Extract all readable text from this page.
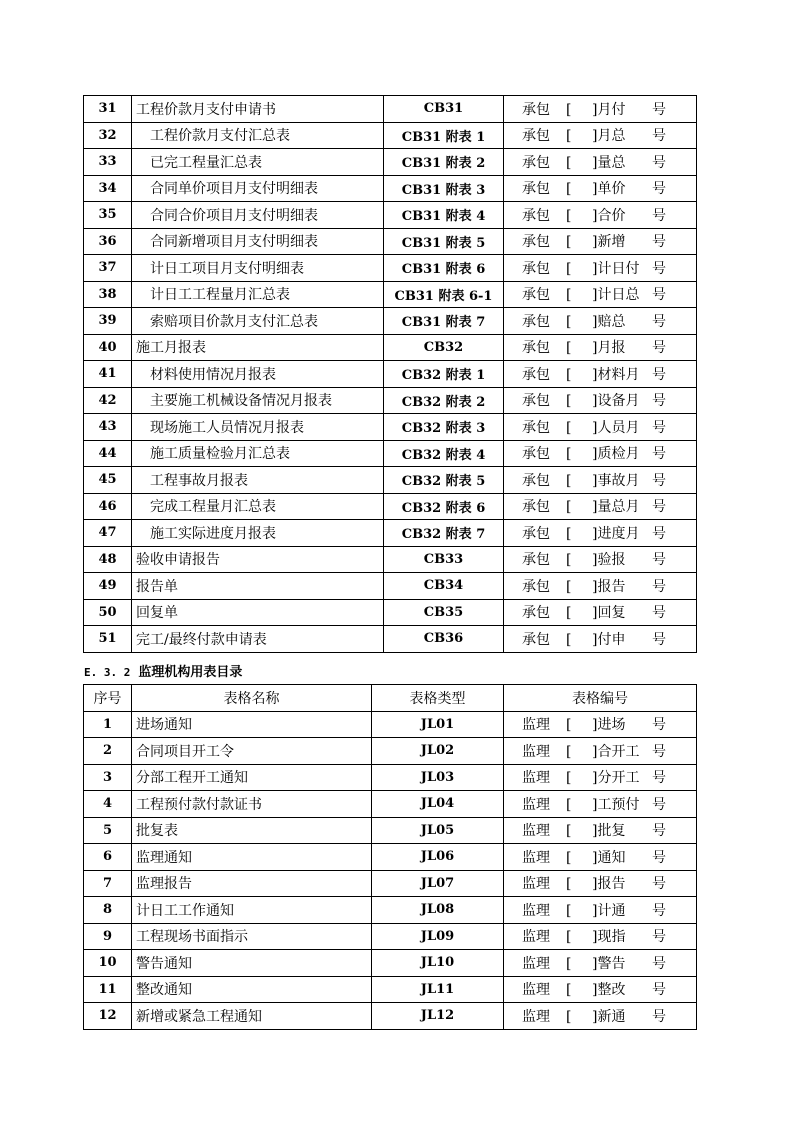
31	工程价款月支付申请书	CB31	承包 [ ]月付 号
32	工程价款月支付汇总表	CB31 附表 1	承包 [ ]月总 号
33	已完工程量汇总表	CB31 附表 2	承包 [ ]量总 号
34	合同单价项目月支付明细表	CB31 附表 3	承包 [ ]单价 号
35	合同合价项目月支付明细表	CB31 附表 4	承包 [ ]合价 号
36	合同新增项目月支付明细表	CB31 附表 5	承包 [ ]新增 号
37	计日工项目月支付明细表	CB31 附表 6	承包 [ ]计日付 号
38	计日工工程量月汇总表	CB31 附表 6-1	承包 [ ]计日总 号
39	索赔项目价款月支付汇总表	CB31 附表 7	承包 [ ]赔总 号
40	施工月报表	CB32	承包 [ ]月报 号
41	材料使用情况月报表	CB32 附表 1	承包 [ ]材料月 号
42	主要施工机械设备情况月报表	CB32 附表 2	承包 [ ]设备月 号
43	现场施工人员情况月报表	CB32 附表 3	承包 [ ]人员月 号
44	施工质量检验月汇总表	CB32 附表 4	承包 [ ]质检月 号
45	工程事故月报表	CB32 附表 5	承包 [ ]事故月 号
46	完成工程量月汇总表	CB32 附表 6	承包 [ ]量总月 号
47	施工实际进度月报表	CB32 附表 7	承包 [ ]进度月 号
48	验收申请报告	CB33	承包 [ ]验报 号
49	报告单	CB34	承包 [ ]报告 号
50	回复单	CB35	承包 [ ]回复 号
51	完工/最终付款申请表	CB36	承包 [ ]付申 号
E. 3. 2 监理机构用表目录
序号	表格名称	表格类型	表格编号
1	进场通知	JL01	监理 [ ]进场 号
2	合同项目开工令	JL02	监理 [ ]合开工 号
3	分部工程开工通知	JL03	监理 [ ]分开工 号
4	工程预付款付款证书	JL04	监理 [ ]工预付 号
5	批复表	JL05	监理 [ ]批复 号
6	监理通知	JL06	监理 [ ]通知 号
7	监理报告	JL07	监理 [ ]报告 号
8	计日工工作通知	JL08	监理 [ ]计通 号
9	工程现场书面指示	JL09	监理 [ ]现指 号
10	警告通知	JL10	监理 [ ]警告 号
11	整改通知	JL11	监理 [ ]整改 号
12	新增或紧急工程通知	JL12	监理 [ ]新通 号
